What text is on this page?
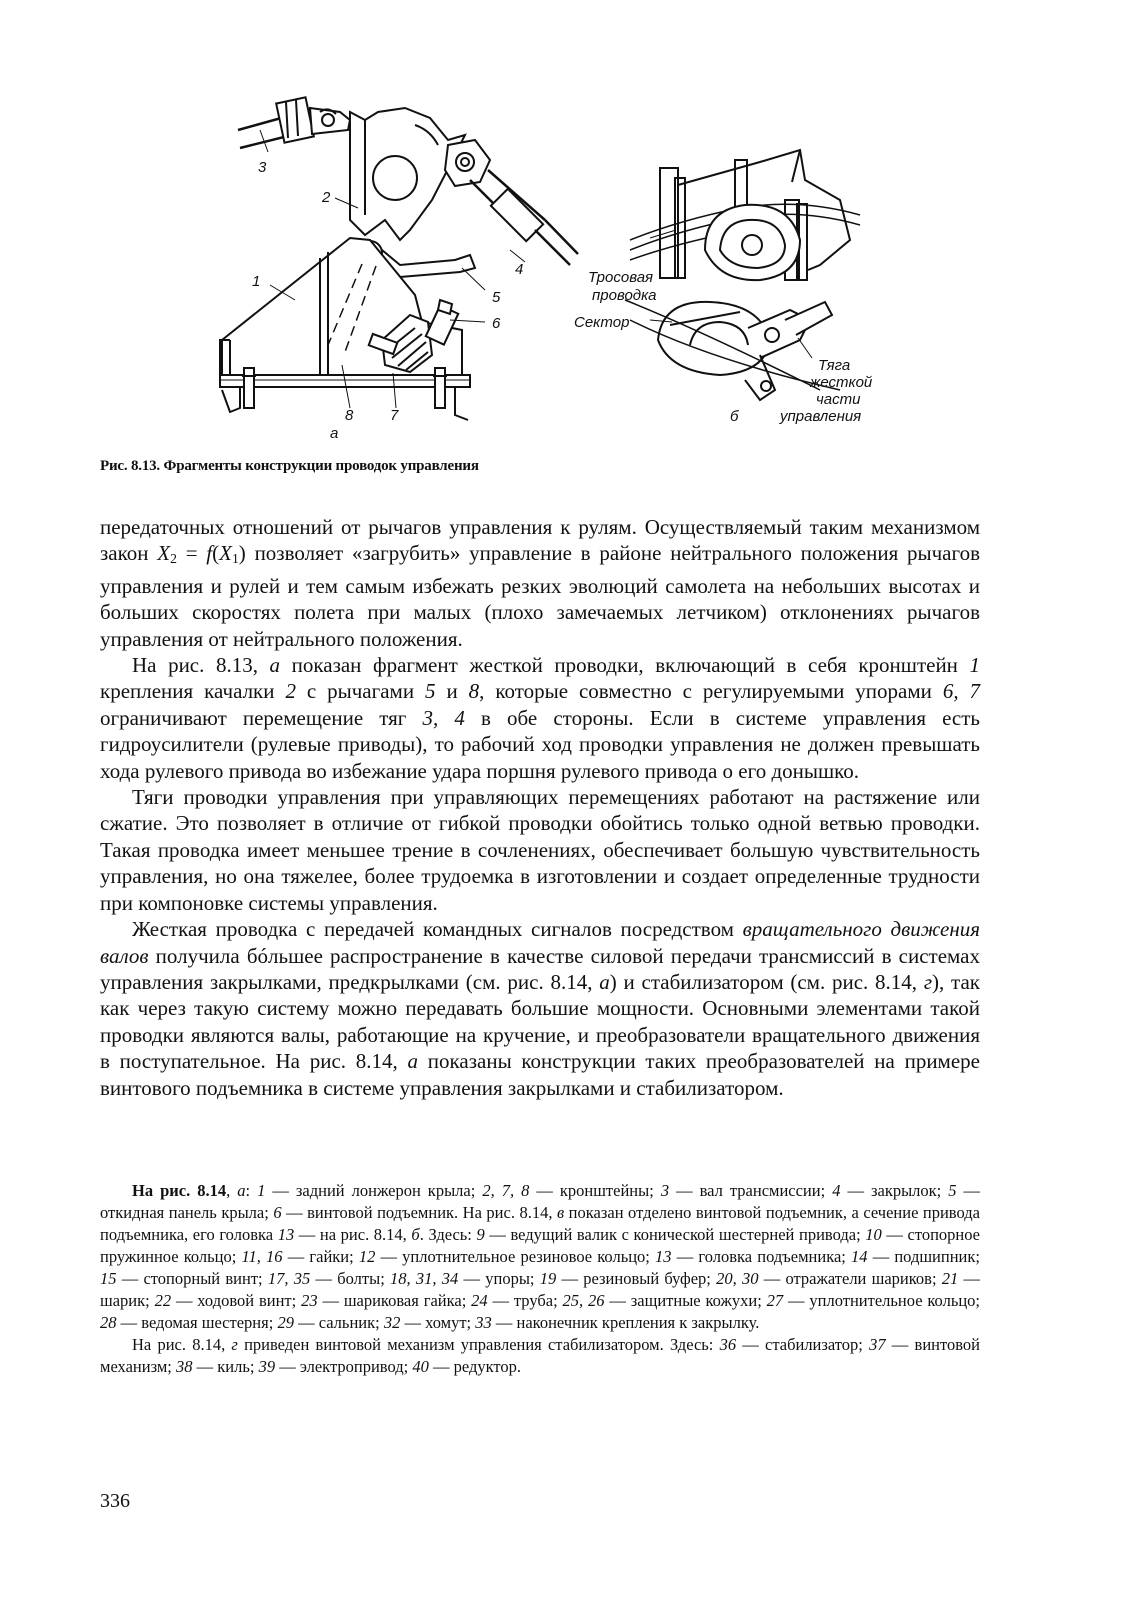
3
2
4
1
5
6
8 7
а
Тросовая
проводка
Сектор
Тяга
жесткой
части
управления
б
Рис. 8.13. Фрагменты конструкции проводок управления

передаточных отношений от рычагов управления к рулям. Осуществляемый таким механизмом закон $X_2 = f(X_1)$ позволяет «загрубить» управление в районе нейтрального положения рычагов управления и рулей и тем самым избежать резких эволюций самолета на небольших высотах и больших скоростях полета при малых (плохо замечаемых летчиком) отклонениях рычагов управления от нейтрального положения.

На рис. 8.13, а показан фрагмент жесткой проводки, включающий в себя кронштейн 1 крепления качалки 2 с рычагами 5 и 8, которые совместно с регулируемыми упорами 6, 7 ограничивают перемещение тяг 3, 4 в обе стороны. Если в системе управления есть гидроусилители (рулевые приводы), то рабочий ход проводки управления не должен превышать хода рулевого привода во избежание удара поршня рулевого привода о его донышко.

Тяги проводки управления при управляющих перемещениях работают на растяжение или сжатие. Это позволяет в отличие от гибкой проводки обойтись только одной ветвью проводки. Такая проводка имеет меньшее трение в сочленениях, обеспечивает большую чувствительность управления, но она тяжелее, более трудоемка в изготовлении и создает определенные трудности при компоновке системы управления.

Жесткая проводка с передачей командных сигналов посредством вращательного движения валов получила бóльшее распространение в качестве силовой передачи трансмиссий в системах управления закрылками, предкрылками (см. рис. 8.14, а) и стабилизатором (см. рис. 8.14, г), так как через такую систему можно передавать большие мощности. Основными элементами такой проводки являются валы, работающие на кручение, и преобразователи вращательного движения в поступательное. На рис. 8.14, а показаны конструкции таких преобразователей на примере винтового подъемника в системе управления закрылками и стабилизатором.

На рис. 8.14, а: 1 — задний лонжерон крыла; 2, 7, 8 — кронштейны; 3 — вал трансмиссии; 4 — закрылок; 5 — откидная панель крыла; 6 — винтовой подъемник. На рис. 8.14, в показан отделено винтовой подъемник, а сечение привода подъемника, его головка 13 — на рис. 8.14, б. Здесь: 9 — ведущий валик с конической шестерней привода; 10 — стопорное пружинное кольцо; 11, 16 — гайки; 12 — уплотнительное резиновое кольцо; 13 — головка подъемника; 14 — подшипник; 15 — стопорный винт; 17, 35 — болты; 18, 31, 34 — упоры; 19 — резиновый буфер; 20, 30 — отражатели шариков; 21 — шарик; 22 — ходовой винт; 23 — шариковая гайка; 24 — труба; 25, 26 — защитные кожухи; 27 — уплотнительное кольцо; 28 — ведомая шестерня; 29 — сальник; 32 — хомут; 33 — наконечник крепления к закрылку.

На рис. 8.14, г приведен винтовой механизм управления стабилизатором. Здесь: 36 — стабилизатор; 37 — винтовой механизм; 38 — киль; 39 — электропривод; 40 — редуктор.

336
